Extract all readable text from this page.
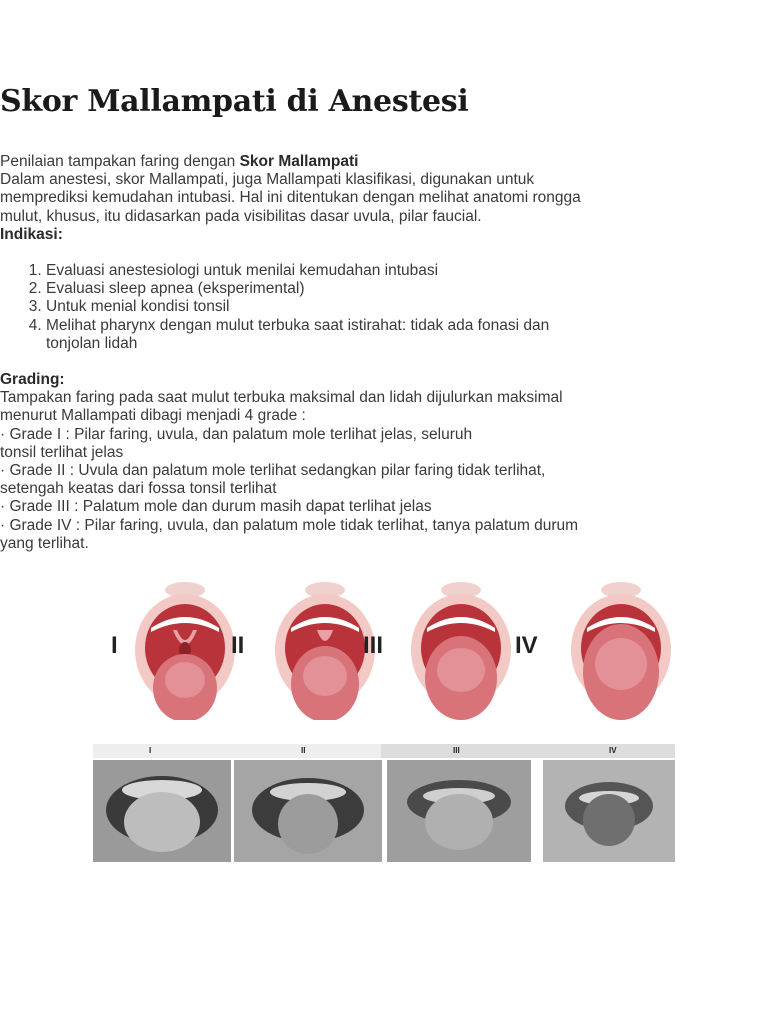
Skor Mallampati di Anestesi

Penilaian tampakan faring dengan Skor Mallampati

Dalam anestesi, skor Mallampati, juga Mallampati klasifikasi, digunakan untuk memprediksi kemudahan intubasi. Hal ini ditentukan dengan melihat anatomi rongga mulut, khusus, itu didasarkan pada visibilitas dasar uvula, pilar faucial.

Indikasi:

1. Evaluasi anestesiologi untuk menilai kemudahan intubasi
2. Evaluasi sleep apnea (eksperimental)
3. Untuk menial kondisi tonsil
4. Melihat pharynx dengan mulut terbuka saat istirahat: tidak ada fonasi dan tonjolan lidah

Grading:

Tampakan faring pada saat mulut terbuka maksimal dan lidah dijulurkan maksimal menurut Mallampati dibagi menjadi 4 grade :

· Grade I : Pilar faring, uvula, dan palatum mole terlihat jelas, seluruh

tonsil terlihat jelas

· Grade II : Uvula dan palatum mole terlihat sedangkan pilar faring tidak terlihat, setengah keatas dari fossa tonsil terlihat

· Grade III : Palatum mole dan durum masih dapat terlihat jelas

· Grade IV : Pilar faring, uvula, dan palatum mole tidak terlihat, tanya palatum durum yang terlihat.

I	II	III	IV
I	II	III	IV
